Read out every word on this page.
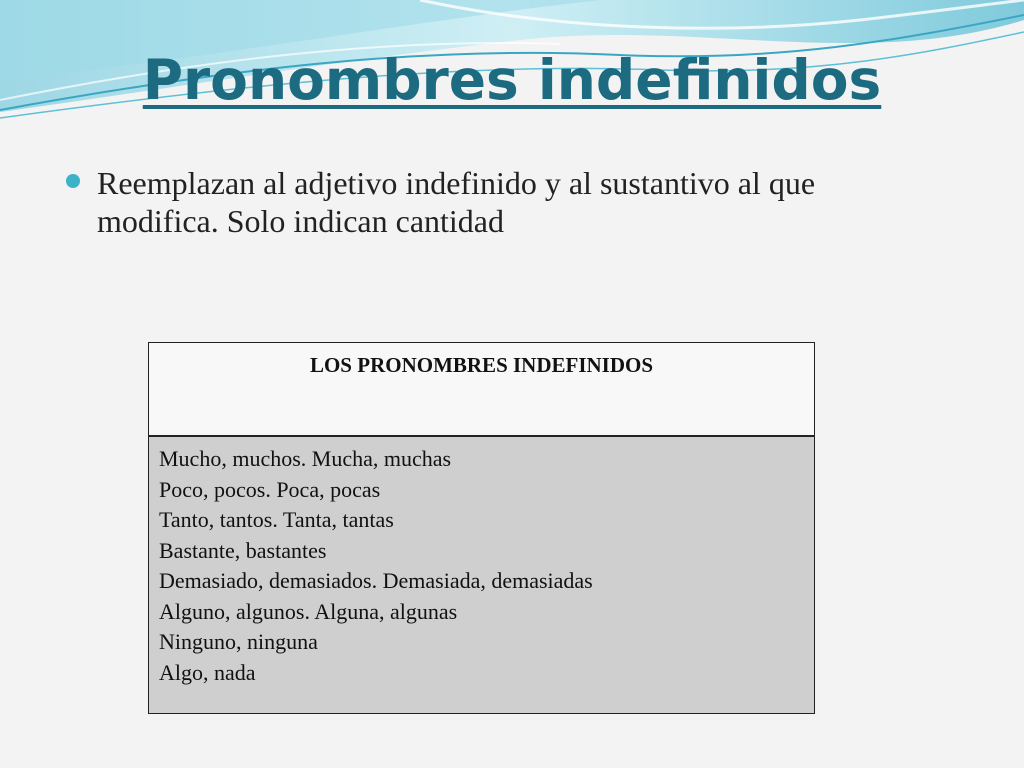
Pronombres indefinidos
Reemplazan al adjetivo indefinido y al sustantivo al que modifica. Solo indican cantidad
LOS PRONOMBRES INDEFINIDOS
Mucho, muchos. Mucha, muchas
Poco, pocos. Poca, pocas
Tanto, tantos. Tanta, tantas
Bastante, bastantes
Demasiado, demasiados. Demasiada, demasiadas
Alguno, algunos. Alguna, algunas
Ninguno, ninguna
Algo, nada
